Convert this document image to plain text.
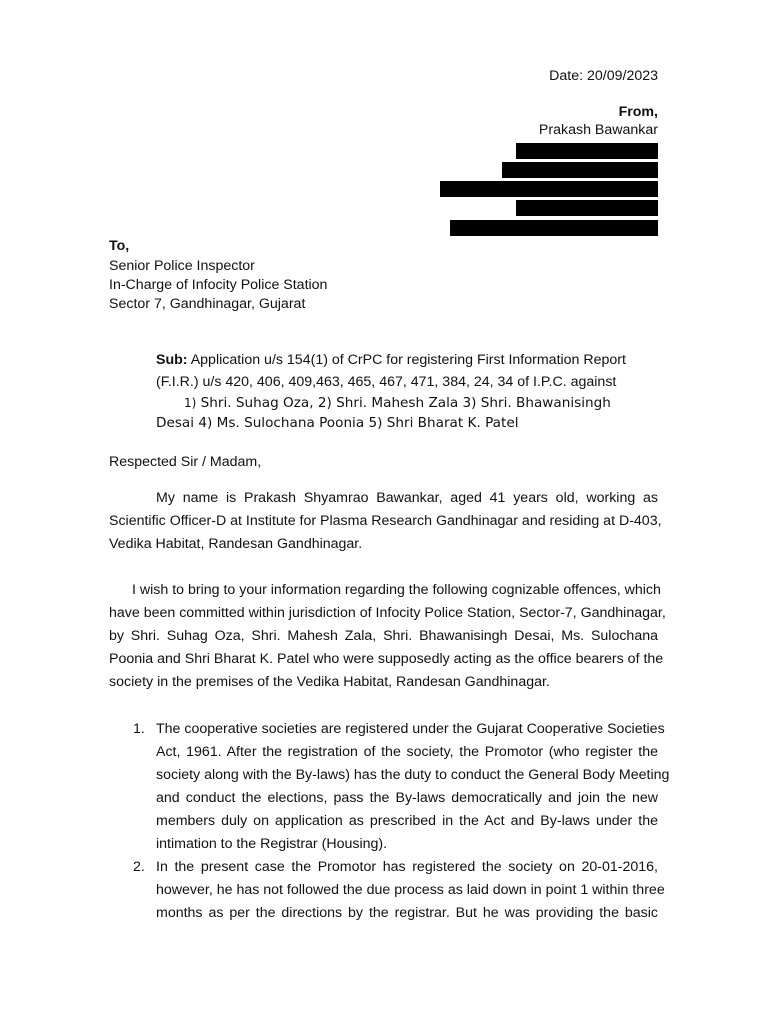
Date: 20/09/2023
From,
Prakash Bawankar
To,
Senior Police Inspector
In-Charge of Infocity Police Station
Sector 7, Gandhinagar, Gujarat
Sub: Application u/s 154(1) of CrPC for registering First Information Report
(F.I.R.) u/s 420, 406, 409,463, 465, 467, 471, 384, 24, 34 of I.P.C. against
1) Shri. Suhag Oza, 2) Shri. Mahesh Zala 3) Shri. Bhawanisingh
Desai 4) Ms. Sulochana Poonia 5) Shri Bharat K. Patel
Respected Sir / Madam,
My name is Prakash Shyamrao Bawankar, aged 41 years old, working as
Scientific Officer-D at Institute for Plasma Research Gandhinagar and residing at D-403,
Vedika Habitat, Randesan Gandhinagar.
I wish to bring to your information regarding the following cognizable offences, which
have been committed within jurisdiction of Infocity Police Station, Sector-7, Gandhinagar,
by Shri. Suhag Oza, Shri. Mahesh Zala, Shri. Bhawanisingh Desai, Ms. Sulochana
Poonia and Shri Bharat K. Patel who were supposedly acting as the office bearers of the
society in the premises of the Vedika Habitat, Randesan Gandhinagar.
1. The cooperative societies are registered under the Gujarat Cooperative Societies
Act, 1961. After the registration of the society, the Promotor (who register the
society along with the By-laws) has the duty to conduct the General Body Meeting
and conduct the elections, pass the By-laws democratically and join the new
members duly on application as prescribed in the Act and By-laws under the
intimation to the Registrar (Housing).
2. In the present case the Promotor has registered the society on 20-01-2016,
however, he has not followed the due process as laid down in point 1 within three
months as per the directions by the registrar. But he was providing the basic
